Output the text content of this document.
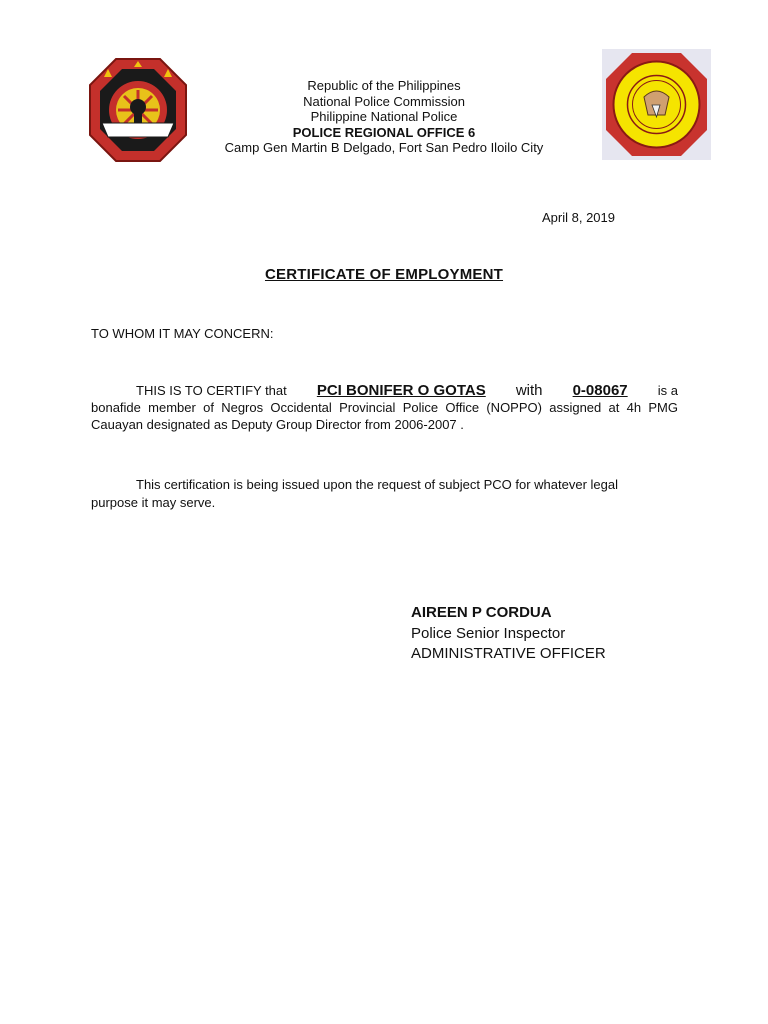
Republic of the Philippines
National Police Commission
Philippine National Police
POLICE REGIONAL OFFICE 6
Camp Gen Martin B Delgado, Fort San Pedro Iloilo City
April 8, 2019
CERTIFICATE OF EMPLOYMENT
TO WHOM IT MAY CONCERN:
THIS IS TO CERTIFY that PCI BONIFER O GOTAS with 0-08067 is a
bonafide member of Negros Occidental Provincial Police Office (NOPPO) assigned at 4h PMG Cauayan designated as Deputy Group Director from 2006-2007 .
This certification is being issued upon the request of subject PCO for whatever legal purpose it may serve.
AIREEN P CORDUA
Police Senior Inspector
ADMINISTRATIVE OFFICER
